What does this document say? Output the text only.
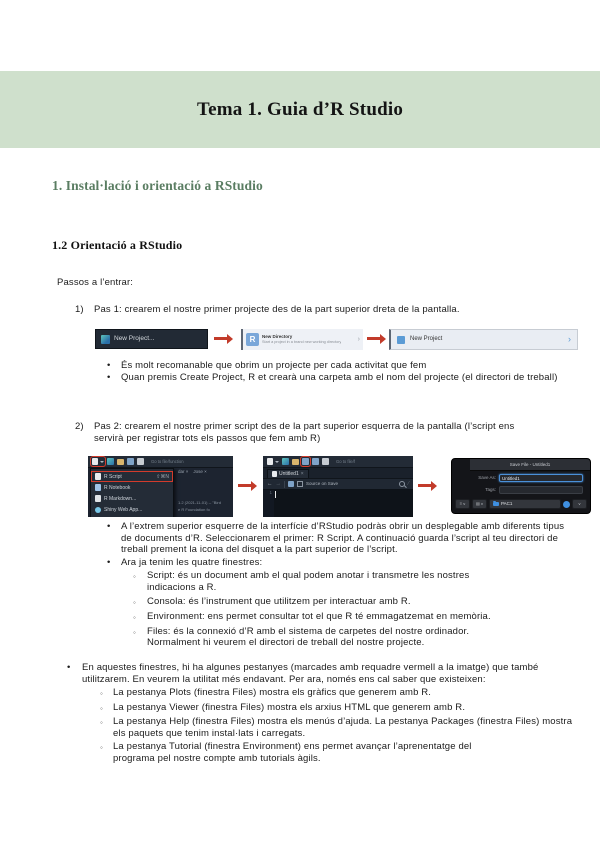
Tema 1. Guia d’R Studio
1. Instal·lació i orientació a RStudio
1.2 Orientació a RStudio
Passos a l’entrar:
1)	Pas 1: crearem el nostre primer projecte des de la part superior dreta de la pantalla.
New Project...	R	New Directory
Start a project in a brand new working directory ›	New Project	›
•	És molt recomanable que obrim un projecte per cada activitat que fem
•	Quan premis Create Project, R et crearà una carpeta amb el nom del projecte (el directori de treball)
2)	Pas 2: crearem el nostre primer script des de la part superior esquerra de la pantalla (l’script ens servirà per registrar tots els passos que fem amb R)
Go to file/function
dar × Jose ×
1.2 (2021-11-01) -- "Bird
e R Foundation fo
R Script	⇧⌘N
R Notebook
R Markdown...
Shiny Web App...
Go to file/f
Untitled1 ×
← →	Source on Save	⁄
1
Save File - Untitled1
Save As:	Untitled1
Tags:
≡ v	▤ v	PAC1	v
•	A l’extrem superior esquerre de la interfície d’RStudio podràs obrir un desplegable amb diferents tipus de documents d’R. Seleccionarem el primer: R Script. A continuació guarda l’script al teu directori de treball prement la icona del disquet a la part superior de l’script.
•	Ara ja tenim les quatre finestres:
◦	Script: és un document amb el qual podem anotar i transmetre les nostres indicacions a R.
◦	Consola: és l’instrument que utilitzem per interactuar amb R.
◦	Environment: ens permet consultar tot el que R té emmagatzemat en memòria.
◦	Files: és la connexió d’R amb el sistema de carpetes del nostre ordinador. Normalment hi veurem el directori de treball del nostre projecte.
•	En aquestes finestres, hi ha algunes pestanyes (marcades amb requadre vermell a la imatge) que també utilitzarem. En veurem la utilitat més endavant. Per ara, només ens cal saber que existeixen:
◦	La pestanya Plots (finestra Files) mostra els gràfics que generem amb R.
◦	La pestanya Viewer (finestra Files) mostra els arxius HTML que generem amb R.
◦	La pestanya Help (finestra Files) mostra els menús d’ajuda. La pestanya Packages (finestra Files) mostra els paquets que tenim instal·lats i carregats.
◦	La pestanya Tutorial (finestra Environment) ens permet avançar l’aprenentatge del programa pel nostre compte amb tutorials àgils.
